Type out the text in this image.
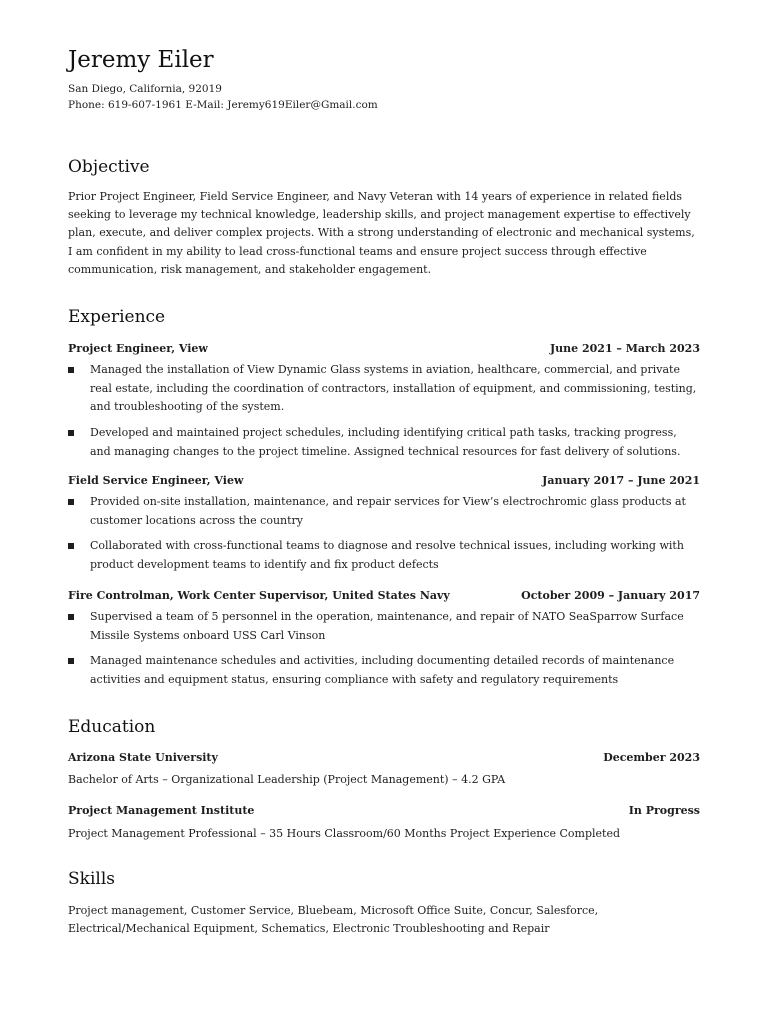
Jeremy Eiler
San Diego, California, 92019
Phone: 619-607-1961 E-Mail: Jeremy619Eiler@Gmail.com
Objective
Prior Project Engineer, Field Service Engineer, and Navy Veteran with 14 years of experience in related fields seeking to leverage my technical knowledge, leadership skills, and project management expertise to effectively plan, execute, and deliver complex projects. With a strong understanding of electronic and mechanical systems, I am confident in my ability to lead cross-functional teams and ensure project success through effective communication, risk management, and stakeholder engagement.
Experience
Project Engineer, View	June 2021 – March 2023
Managed the installation of View Dynamic Glass systems in aviation, healthcare, commercial, and private real estate, including the coordination of contractors, installation of equipment, and commissioning, testing, and troubleshooting of the system.
Developed and maintained project schedules, including identifying critical path tasks, tracking progress, and managing changes to the project timeline. Assigned technical resources for fast delivery of solutions.
Field Service Engineer, View	January 2017 – June 2021
Provided on-site installation, maintenance, and repair services for View’s electrochromic glass products at customer locations across the country
Collaborated with cross-functional teams to diagnose and resolve technical issues, including working with product development teams to identify and fix product defects
Fire Controlman, Work Center Supervisor, United States Navy	October 2009 – January 2017
Supervised a team of 5 personnel in the operation, maintenance, and repair of NATO SeaSparrow Surface Missile Systems onboard USS Carl Vinson
Managed maintenance schedules and activities, including documenting detailed records of maintenance activities and equipment status, ensuring compliance with safety and regulatory requirements
Education
Arizona State University	December 2023
Bachelor of Arts – Organizational Leadership (Project Management) – 4.2 GPA
Project Management Institute	In Progress
Project Management Professional – 35 Hours Classroom/60 Months Project Experience Completed
Skills
Project management, Customer Service, Bluebeam, Microsoft Office Suite, Concur, Salesforce, Electrical/Mechanical Equipment, Schematics, Electronic Troubleshooting and Repair
